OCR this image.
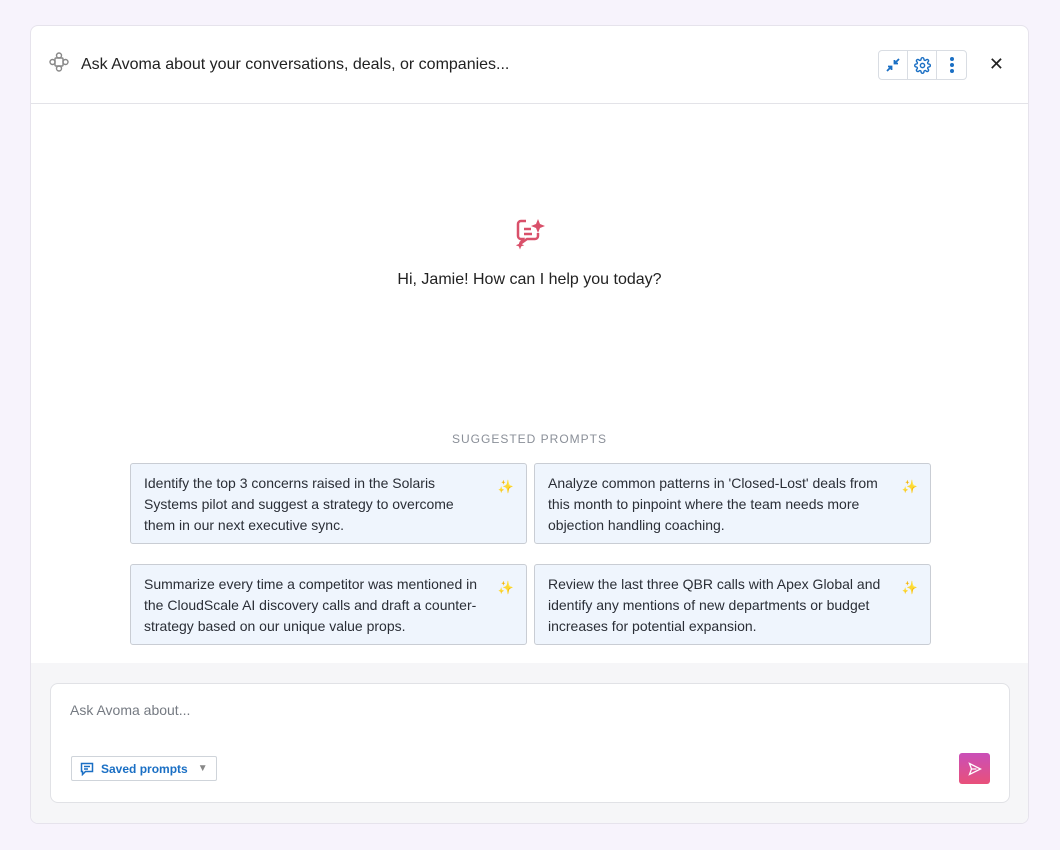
Ask Avoma about your conversations, deals, or companies...	✕
Hi, Jamie! How can I help you today?
SUGGESTED PROMPTS
Identify the top 3 concerns raised in the Solaris Systems pilot and suggest a strategy to overcome them in our next executive sync.
✨	Analyze common patterns in 'Closed-Lost' deals from this month to pinpoint where the team needs more objection handling coaching.
✨
Summarize every time a competitor was mentioned in the CloudScale AI discovery calls and draft a counter-strategy based on our unique value props.
✨	Review the last three QBR calls with Apex Global and identify any mentions of new departments or budget increases for potential expansion.
✨
Ask Avoma about...
Saved prompts ▼
